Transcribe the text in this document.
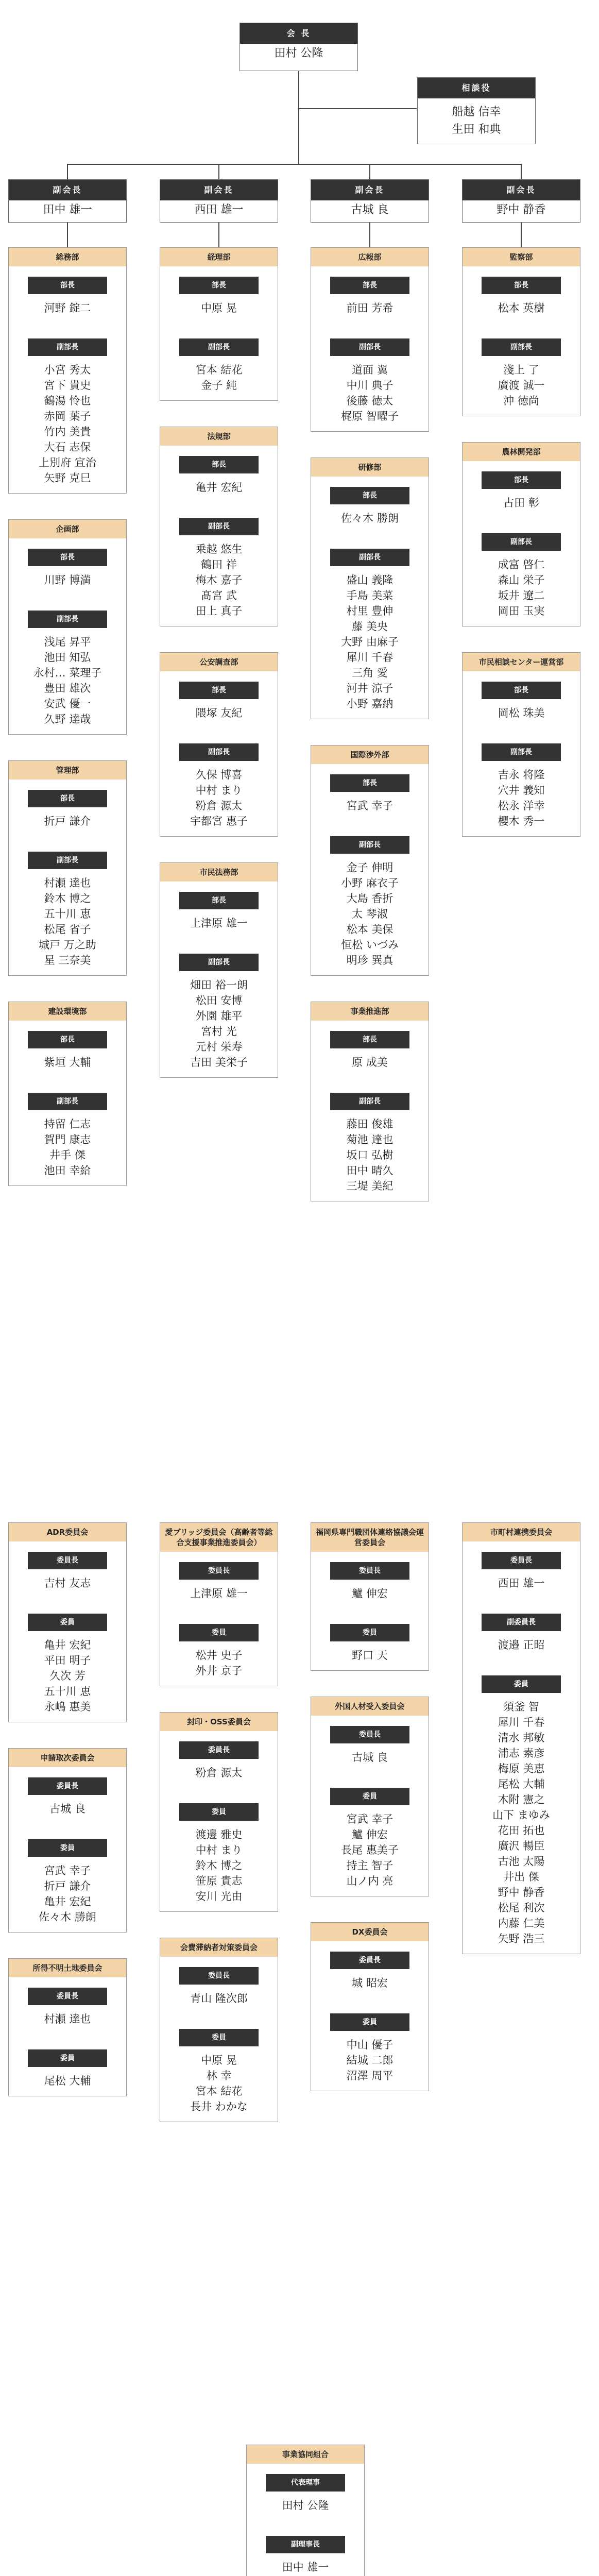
会 長
田村 公隆
相談役
船越 信幸
生田 和典
副会長
田中 雄一
副会長
西田 雄一
副会長
古城 良
副会長
野中 静香
総務部
部長
河野 錠二
副部長
小宮 秀太
宮下 貴史
鶴湯 怜也
赤岡 葉子
竹内 美貴
大石 志保
上別府 宣治
矢野 克巳
企画部
部長
川野 博満
副部長
浅尾 昇平
池田 知弘
永村… 菜理子
豊田 雄次
安武 優一
久野 達哉
管理部
部長
折戸 謙介
副部長
村瀬 達也
鈴木 博之
五十川 恵
松尾 省子
城戸 万之助
星 三奈美
建設環境部
部長
紫垣 大輔
副部長
持留 仁志
賀門 康志
井手 傑
池田 幸給
経理部
部長
中原 晃
副部長
宮本 結花
金子 純
法規部
部長
亀井 宏紀
副部長
乗越 悠生
鶴田 祥
梅木 嘉子
髙宮 武
田上 真子
公安調査部
部長
隈塚 友紀
副部長
久保 博喜
中村 まり
粉倉 源太
宇都宮 惠子
市民法務部
部長
上津原 雄一
副部長
畑田 裕一朗
松田 安博
外園 雄平
宮村 光
元村 栄寿
吉田 美栄子
広報部
部長
前田 芳希
副部長
道面 翼
中川 典子
後藤 徳太
梶原 智曜子
研修部
部長
佐々木 勝朗
副部長
盛山 義隆
手島 美菜
村里 豊伸
藤 美央
大野 由麻子
犀川 千春
三角 愛
河井 涼子
小野 嘉納
国際渉外部
部長
宮武 幸子
副部長
金子 伸明
小野 麻衣子
大島 香折
太 琴淑
松本 美保
恒松 いづみ
明珍 巽真
事業推進部
部長
原 成美
副部長
藤田 俊雄
菊池 達也
坂口 弘樹
田中 晴久
三堤 美紀
監察部
部長
松本 英樹
副部長
淺上 了
廣渡 誠一
沖 徳尚
農林開発部
部長
古田 彰
副部長
成富 啓仁
森山 栄子
坂井 遼二
岡田 玉実
市民相談センター運営部
部長
岡松 珠美
副部長
吉永 将隆
穴井 義知
松永 洋幸
櫻木 秀一
ADR委員会
委員長
吉村 友志
委員
亀井 宏紀
平田 明子
久次 芳
五十川 恵
永嶋 惠美
申請取次委員会
委員長
古城 良
委員
宮武 幸子
折戸 謙介
亀井 宏紀
佐々木 勝朗
所得不明土地委員会
委員長
村瀬 達也
委員
尾松 大輔
愛ブリッジ委員会（高齢者等総合支援事業推進委員会）
委員長
上津原 雄一
委員
松井 史子
外井 京子
封印・OSS委員会
委員長
粉倉 源太
委員
渡邊 雅史
中村 まり
鈴木 博之
笹原 貴志
安川 光由
会費滞納者対策委員会
委員長
青山 隆次郎
委員
中原 晃
林 幸
宮本 結花
長井 わかな
福岡県専門職団体連絡協議会運営委員会
委員長
鱸 伸宏
委員
野口 天
外国人材受入委員会
委員長
古城 良
委員
宮武 幸子
鱸 伸宏
長尾 惠美子
持主 智子
山ノ内 亮
DX委員会
委員長
城 昭宏
委員
中山 優子
結城 二郎
沼澤 周平
市町村連携委員会
委員長
西田 雄一
副委員長
渡邉 正昭
委員
須釜 智
犀川 千春
清水 邦敏
浦志 素彦
梅原 美恵
尾松 大輔
木附 憲之
山下 まゆみ
花田 拓也
廣沢 暢臣
古池 太陽
井出 傑
野中 静香
松尾 利次
内藤 仁美
矢野 浩三
事業協同組合
代表理事
田村 公隆
副理事長
田中 雄一
